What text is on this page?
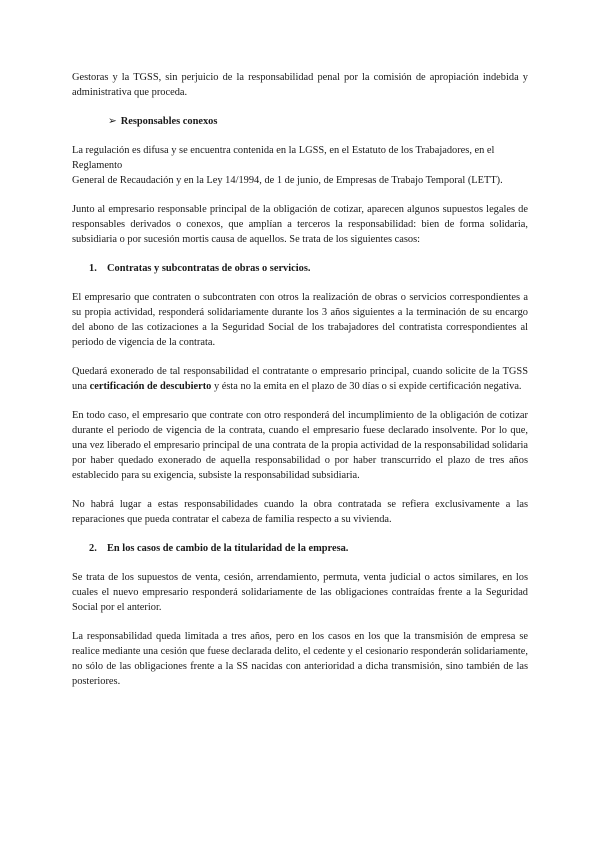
Gestoras y la TGSS, sin perjuicio de la responsabilidad penal por la comisión de apropiación indebida y administrativa que proceda.

➢ Responsables conexos

La regulación es difusa y se encuentra contenida en la LGSS, en el Estatuto de los Trabajadores, en el Reglamento

General de Recaudación y en la Ley 14/1994, de 1 de junio, de Empresas de Trabajo Temporal (LETT).

Junto al empresario responsable principal de la obligación de cotizar, aparecen algunos supuestos legales de responsables derivados o conexos, que amplían a terceros la responsabilidad: bien de forma solidaria, subsidiaria o por sucesión mortis causa de aquellos. Se trata de los siguientes casos:

1. Contratas y subcontratas de obras o servicios.

El empresario que contraten o subcontraten con otros la realización de obras o servicios correspondientes a su propia actividad, responderá solidariamente durante los 3 años siguientes a la terminación de su encargo del abono de las cotizaciones a la Seguridad Social de los trabajadores del contratista correspondientes al periodo de vigencia de la contrata.

Quedará exonerado de tal responsabilidad el contratante o empresario principal, cuando solicite de la TGSS una certificación de descubierto y ésta no la emita en el plazo de 30 días o si expide certificación negativa.

En todo caso, el empresario que contrate con otro responderá del incumplimiento de la obligación de cotizar durante el periodo de vigencia de la contrata, cuando el empresario fuese declarado insolvente. Por lo que, una vez liberado el empresario principal de una contrata de la propia actividad de la responsabilidad solidaria por haber quedado exonerado de aquella responsabilidad o por haber transcurrido el plazo de tres años establecido para su exigencia, subsiste la responsabilidad subsidiaria.

No habrá lugar a estas responsabilidades cuando la obra contratada se refiera exclusivamente a las reparaciones que pueda contratar el cabeza de familia respecto a su vivienda.

2. En los casos de cambio de la titularidad de la empresa.

Se trata de los supuestos de venta, cesión, arrendamiento, permuta, venta judicial o actos similares, en los cuales el nuevo empresario responderá solidariamente de las obligaciones contraídas frente a la Seguridad Social por el anterior.

La responsabilidad queda limitada a tres años, pero en los casos en los que la transmisión de empresa se realice mediante una cesión que fuese declarada delito, el cedente y el cesionario responderán solidariamente, no sólo de las obligaciones frente a la SS nacidas con anterioridad a dicha transmisión, sino también de las posteriores.
